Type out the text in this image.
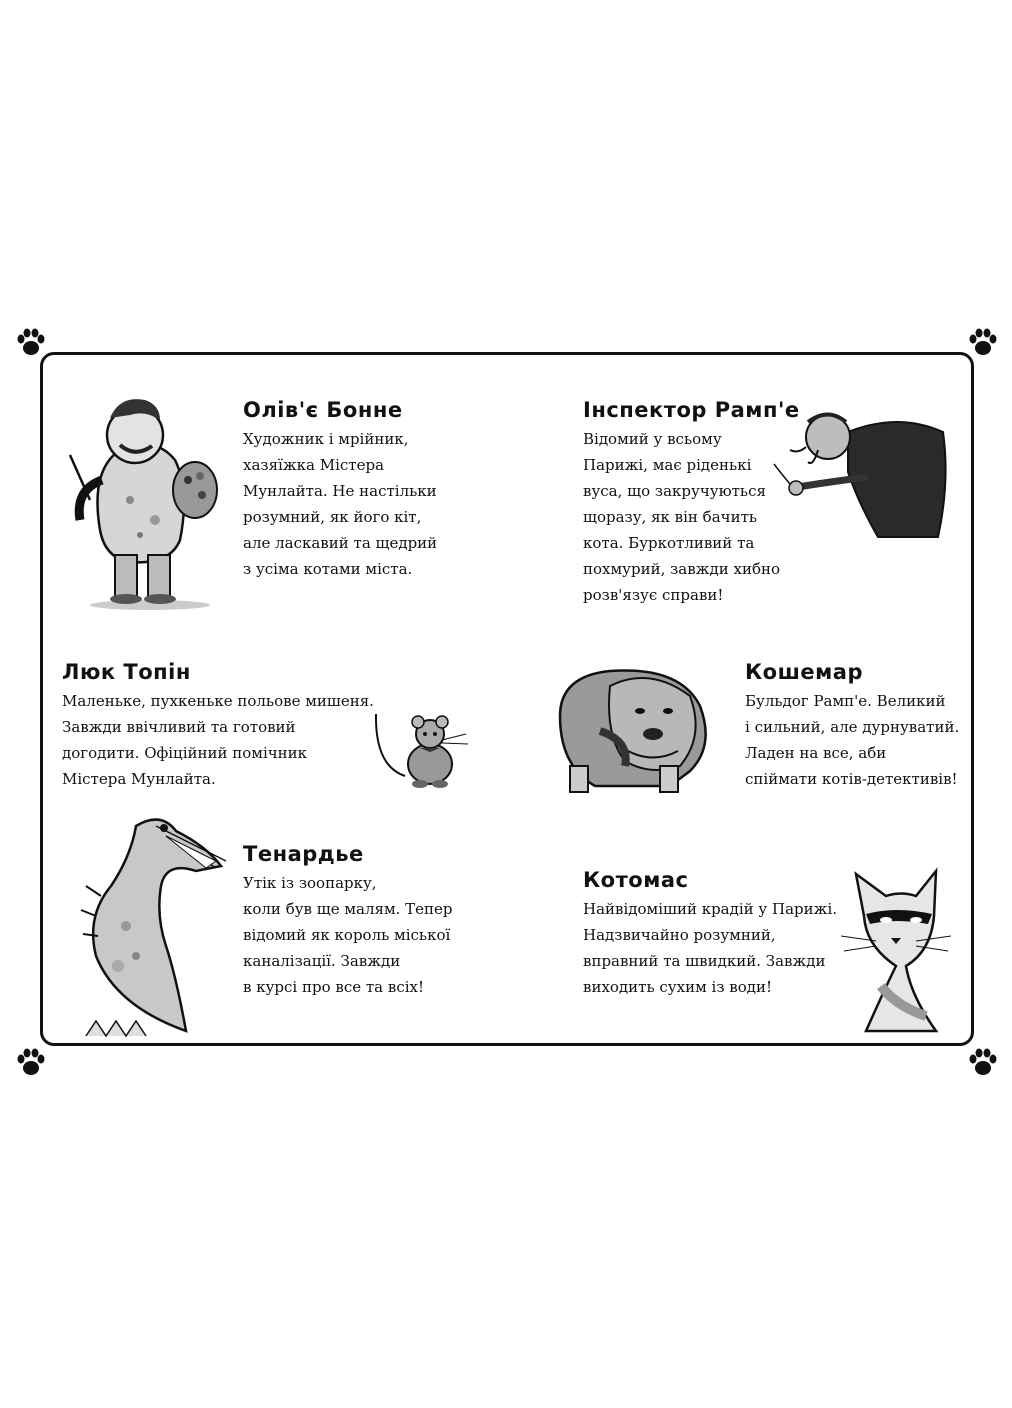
Олів'є Бонне
Художник і мрійник,
хазяїжка Містера
Мунлайта. Не настільки
розумний, як його кіт,
але ласкавий та щедрий
з усіма котами міста.
Інспектор Рамп'е
Відомий у всьому
Парижі, має ріденькі
вуса, що закручуються
щоразу, як він бачить
кота. Буркотливий та
похмурий, завжди хибно
розв'язує справи!
Люк Топін
Маленьке, пухкеньке польове мишеня.
Завжди ввічливий та готовий
догодити. Офіційний помічник
Містера Мунлайта.
Кошемар
Бульдог Рамп'е. Великий
і сильний, але дурнуватий.
Ладен на все, аби
спіймати котів-детективів!
Тенардье
Утік із зоопарку,
коли був ще малям. Тепер
відомий як король міської
каналізації. Завжди
в курсі про все та всіх!
Котомас
Найвідоміший крадій у Парижі.
Надзвичайно розумний,
вправний та швидкий. Завжди
виходить сухим із води!
